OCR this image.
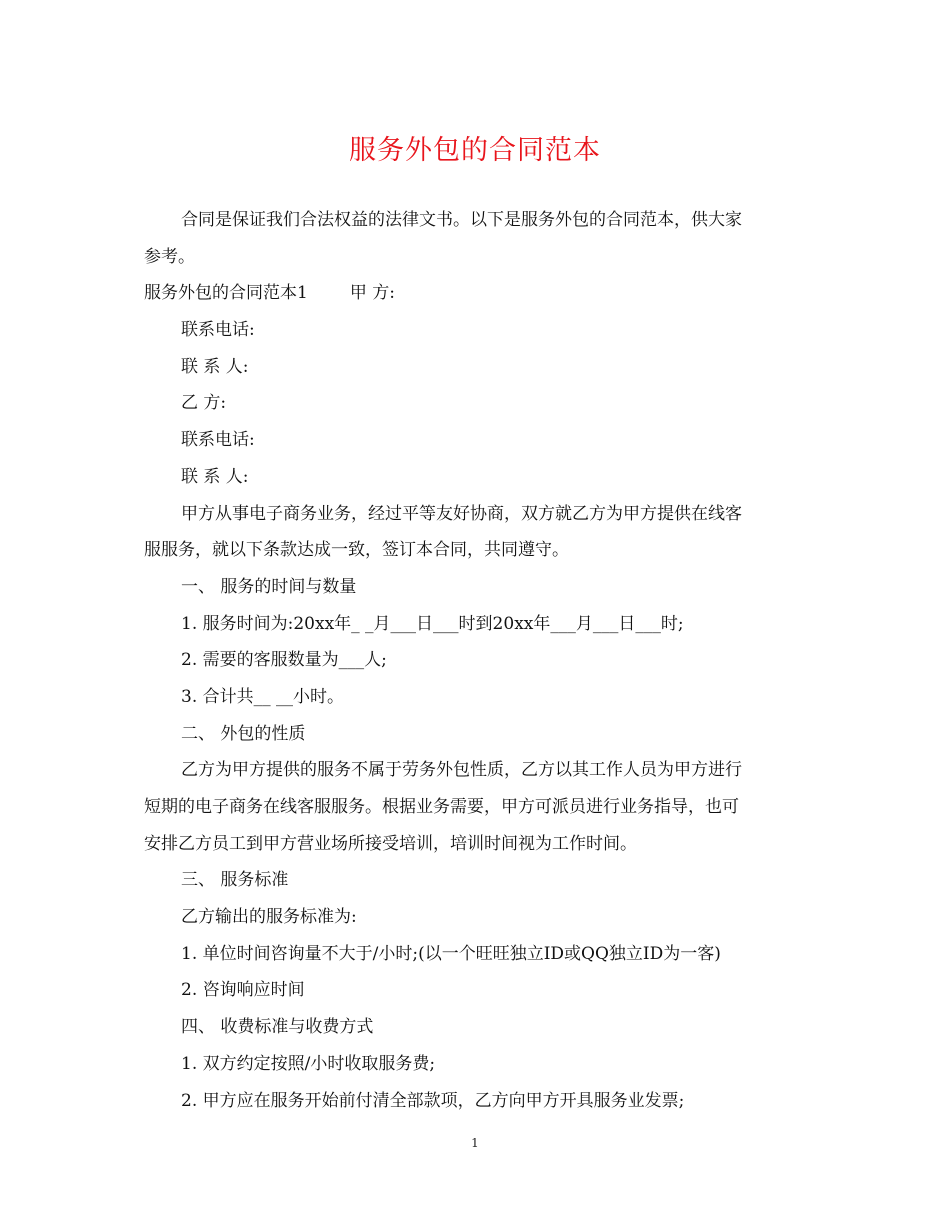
服务外包的合同范本
合同是保证我们合法权益的法律文书。以下是服务外包的合同范本，供大家
参考。
服务外包的合同范本1 甲 方:
联系电话:
联 系 人:
乙 方:
联系电话:
联 系 人:
甲方从事电子商务业务，经过平等友好协商，双方就乙方为甲方提供在线客
服服务，就以下条款达成一致，签订本合同，共同遵守。
一、 服务的时间与数量
1. 服务时间为:20xx年_ _月___日___时到20xx年___月___日___时;
2. 需要的客服数量为___人;
3. 合计共__ __小时。
二、 外包的性质
乙方为甲方提供的服务不属于劳务外包性质，乙方以其工作人员为甲方进行
短期的电子商务在线客服服务。根据业务需要，甲方可派员进行业务指导，也可
安排乙方员工到甲方营业场所接受培训，培训时间视为工作时间。
三、 服务标准
乙方输出的服务标准为:
1. 单位时间咨询量不大于/小时;(以一个旺旺独立ID或QQ独立ID为一客)
2. 咨询响应时间
四、 收费标准与收费方式
1. 双方约定按照/小时收取服务费;
2. 甲方应在服务开始前付清全部款项，乙方向甲方开具服务业发票;
1
